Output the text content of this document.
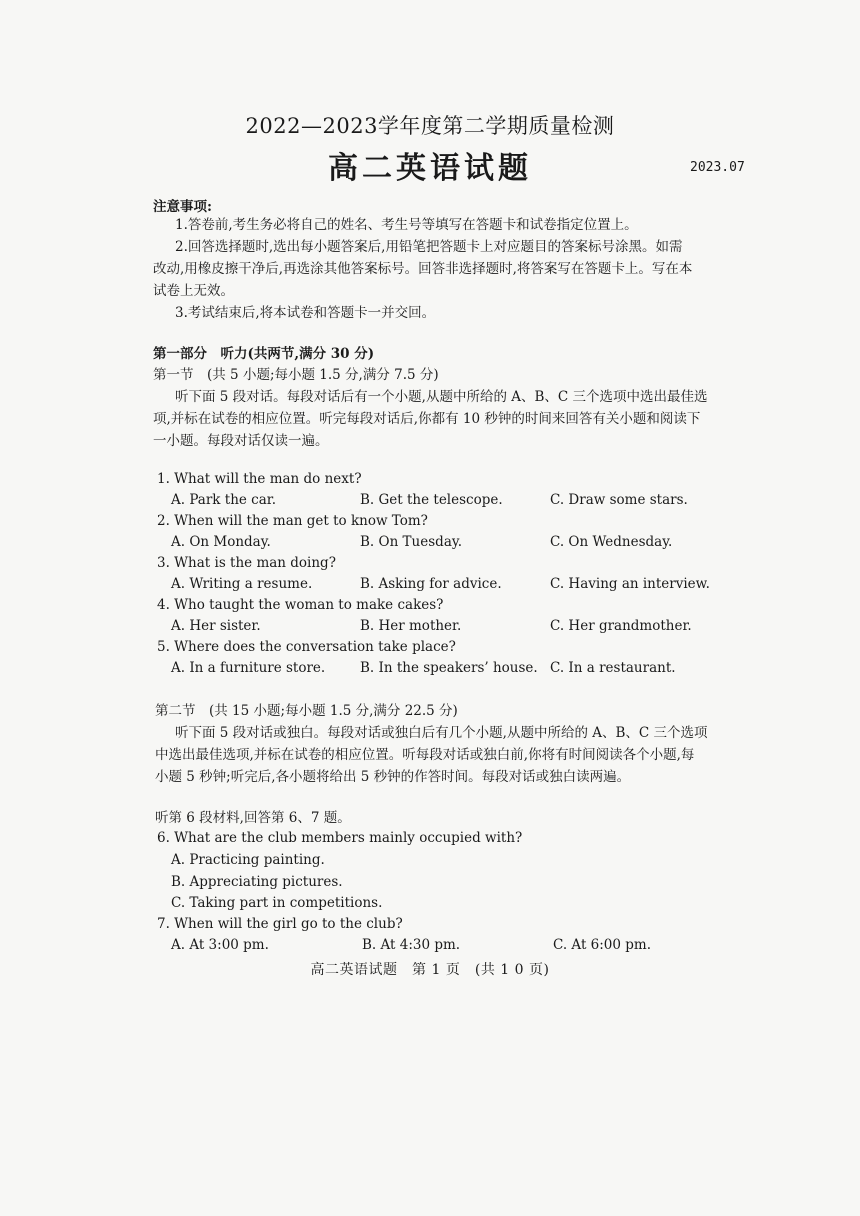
2022—2023学年度第二学期质量检测
高二英语试题	2023.07
注意事项:
1.答卷前,考生务必将自己的姓名、考生号等填写在答题卡和试卷指定位置上。
2.回答选择题时,选出每小题答案后,用铅笔把答题卡上对应题目的答案标号涂黑。如需
改动,用橡皮擦干净后,再选涂其他答案标号。回答非选择题时,将答案写在答题卡上。写在本
试卷上无效。
3.考试结束后,将本试卷和答题卡一并交回。
第一部分　听力(共两节,满分 30 分)
第一节　(共 5 小题;每小题 1.5 分,满分 7.5 分)
听下面 5 段对话。每段对话后有一个小题,从题中所给的 A、B、C 三个选项中选出最佳选
项,并标在试卷的相应位置。听完每段对话后,你都有 10 秒钟的时间来回答有关小题和阅读下
一小题。每段对话仅读一遍。
1. What will the man do next?
A. Park the car.	B. Get the telescope.	C. Draw some stars.
2. When will the man get to know Tom?
A. On Monday.	B. On Tuesday.	C. On Wednesday.
3. What is the man doing?
A. Writing a resume.	B. Asking for advice.	C. Having an interview.
4. Who taught the woman to make cakes?
A. Her sister.	B. Her mother.	C. Her grandmother.
5. Where does the conversation take place?
A. In a furniture store.	B. In the speakers’ house. C. In a restaurant.
第二节　(共 15 小题;每小题 1.5 分,满分 22.5 分)
听下面 5 段对话或独白。每段对话或独白后有几个小题,从题中所给的 A、B、C 三个选项
中选出最佳选项,并标在试卷的相应位置。听每段对话或独白前,你将有时间阅读各个小题,每
小题 5 秒钟;听完后,各小题将给出 5 秒钟的作答时间。每段对话或独白读两遍。
听第 6 段材料,回答第 6、7 题。
6. What are the club members mainly occupied with?
A. Practicing painting.
B. Appreciating pictures.
C. Taking part in competitions.
7. When will the girl go to the club?
A. At 3:00 pm.	B. At 4:30 pm.	C. At 6:00 pm.
高二英语试题　第 1 页　(共 1 0 页)
